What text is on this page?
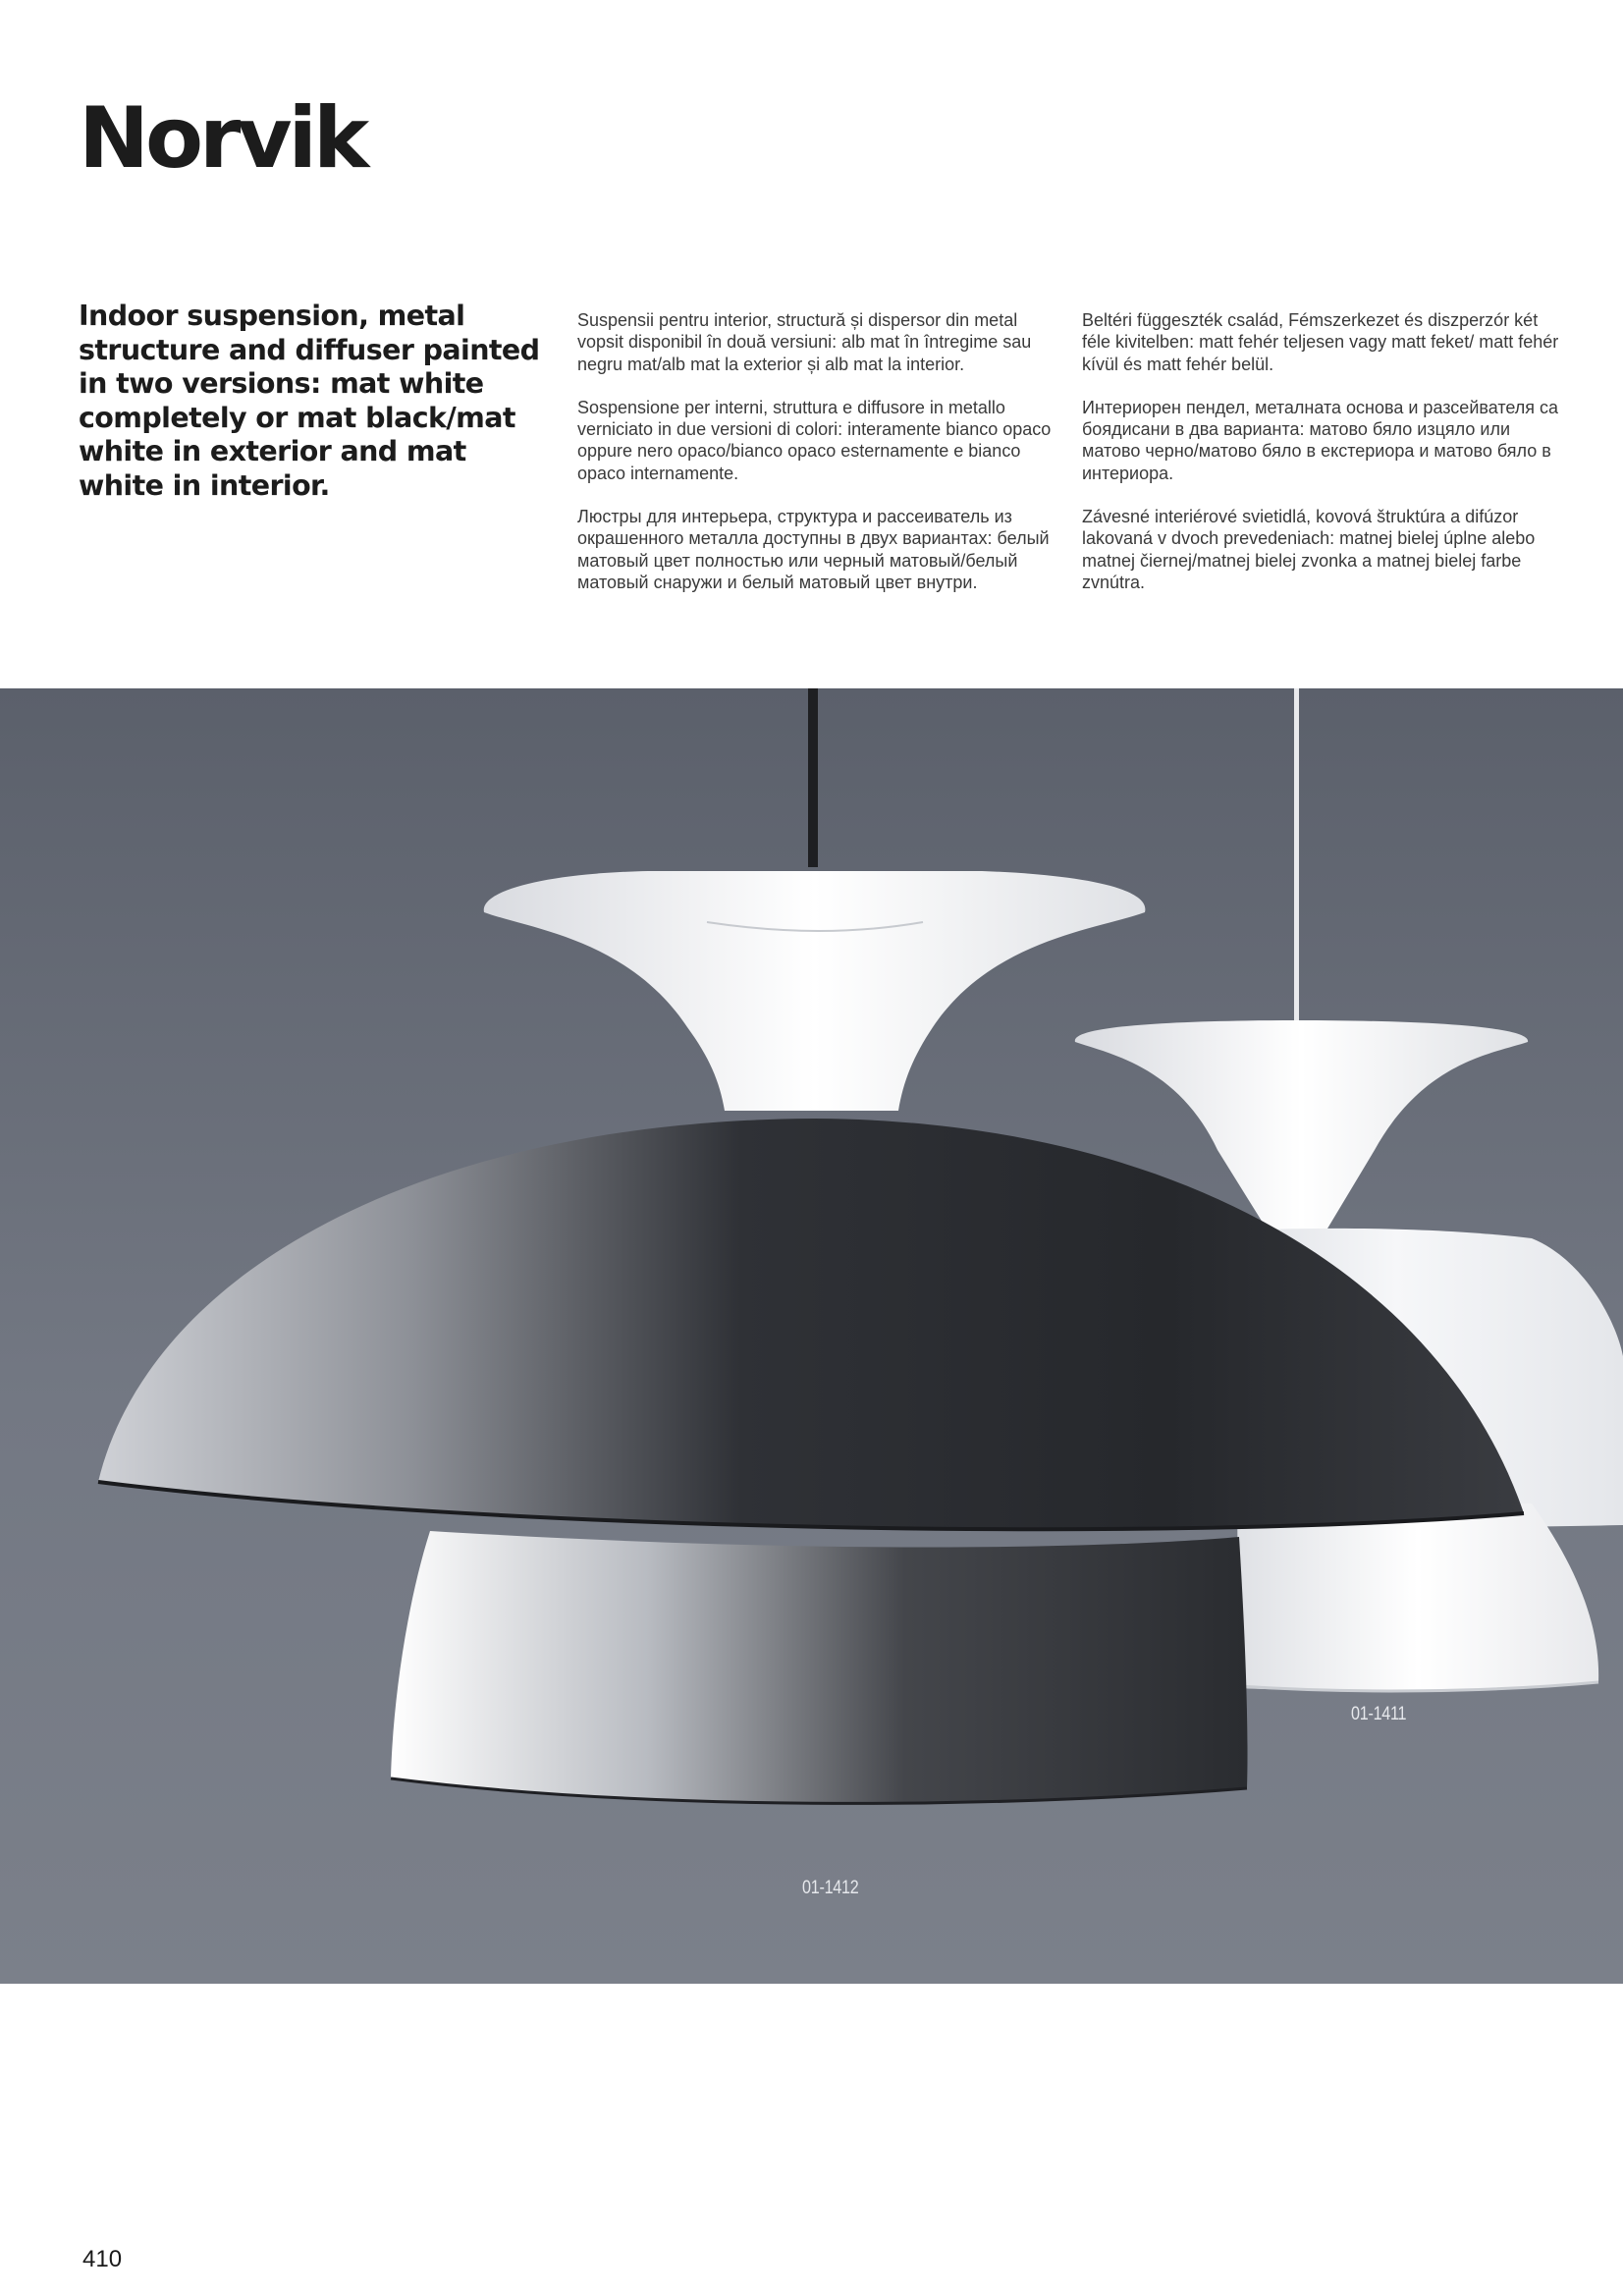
Norvik

Indoor suspension, metal structure and diffuser painted in two versions: mat white completely or mat black/mat white in exterior and mat white in interior.

Suspensii pentru interior, structură și dispersor din metal vopsit disponibil în două versiuni: alb mat în întregime sau negru mat/alb mat la exterior și alb mat la interior.

Sospensione per interni, struttura e diffusore in metallo verniciato in due versioni di colori: interamente bianco opaco oppure nero opaco/bianco opaco esternamente e bianco opaco internamente.

Люстры для интерьера, структура и рассеиватель из окрашенного металла доступны в двух вариантах: белый матовый цвет полностью или черный матовый/белый матовый снаружи и белый матовый цвет внутри.

Beltéri függeszték család, Fémszerkezet és diszperzór két féle kivitelben: matt fehér teljesen vagy matt feket/ matt fehér kívül és matt fehér belül.

Интериорен пендел, металната основа и разсейвателя са боядисани в два варианта: матово бяло изцяло или матово черно/матово бяло в екстериора и матово бяло в интериора.

Závesné interiérové svietidlá, kovová štruktúra a difúzor lakovaná v dvoch prevedeniach: matnej bielej úplne alebo matnej čiernej/matnej bielej zvonka a matnej bielej farbe zvnútra.

01-1411
01-1412
410
